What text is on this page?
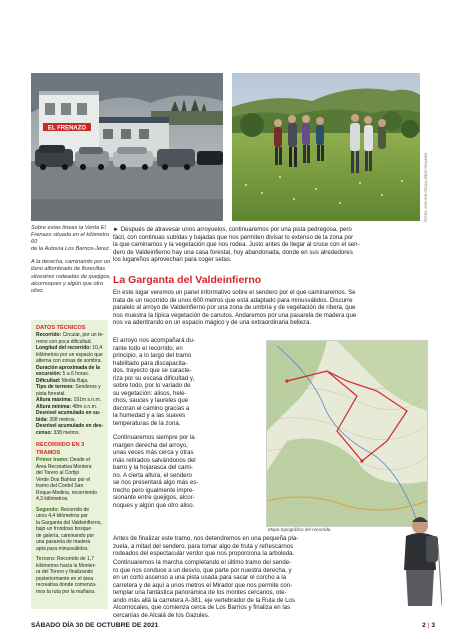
EL FRENAZO
FOTOS: ARCHIVO GRAZALEÑOS PASAMOS
Sobre estas líneas la Venta El
Frenazo situada en el kilómetro 60
de la Autovía Los Barrios-Jerez.
A la derecha, caminando por un
llano alfombrado de florecillas
silvestres rodeadas de quejigos,
alcornoques y algún que otro
olivo.
DATOS TÉCNICOS
Recorrido: Circular, por un te-
rreno con poca dificultad.
Longitud del recorrido: 10,4
kilómetros por un espacio que
alterna con zonas de sombra.
Duración aproximada de la
excursión: 5 a 6 horas.
Dificultad: Media-Baja.
Tipo de terreno: Senderos y
pista forestal.
Altura máxima: 191m s.n.m.
Altura mínima: 48m s.n.m.
Desnivel acumulado en su-
bida: 308 metros.
Desnivel acumulado en des-
censo: 338 metros.
RECORRIDO EN 3 TRAMOS
Primer tramo: Desde el
Área Recreativa Montera
del Torero al Cortijo
Verde Dos Bahías por el
tramo del Cordel San
Roque-Medina, recorriendo
4,3 kilómetros.
Segundo: Recorrido de
unos 4,4 kilómetros por
la Garganta del Valdeinfierno,
bajo un frondoso bosque
de galería, caminando por
una pasarela de madera
apta para minusválidos.
Tercero: Recorrido de 1,7
kilómetros hacia la Monter-
ra del Torero y finalizando
posteriormente en el área
recreativa donde comenza-
mos la ruta por la mañana.
► Después de atravesar unos arroyuelos, continuaremos por una pista pedregosa, pero
fácil, con continuas subidas y bajadas que nos permiten divisar lo extenso de la zona por
la que caminamos y la vegetación que nos rodea. Justo antes de llegar al cruce con el sen-
dero de Valdeinfierno hay una casa forestal, hoy abandonada, donde en sus alrededores
los lugareños aprovechan para coger setas.
La Garganta del Valdeinfierno
En este lugar veremos un panel informativo sobre el sendero por el que caminaremos. Se
trata de un recorrido de unos 600 metros que está adaptado para minusválidos. Discurre
paralelo al arroyo de Valdeinfierno por una zona de umbría y de vegetación de ribera, que
nos muestra la típica vegetación de canutos. Andaremos por una pasarela de madera que
nos va adentrando en un espacio mágico y de una extraordinaria belleza.
El arroyo nos acompañará du-
rante todo el recorrido, en
principio, a lo largo del tramo
habilitado para discapacita-
dos, trayecto que se caracte-
riza por su escasa dificultad y,
sobre todo, por lo variado de
su vegetación: alisos, hele-
chos, sauces y laureles que
decoran el camino gracias a
la humedad y a las suaves
temperaturas de la zona.
Continuaremos siempre por la
margen derecha del arroyo,
unas veces más cerca y otras
más retirados salvándonos del
barro y la hojarasca del cami-
no. A cierta altura, el sendero
se nos presentará algo más es-
trecho pero igualmente impre-
sionante entre quejigos, alcor-
noques y algún que otro aliso.
·
·
·
Mapa topográfico del recorrido.
Antes de finalizar este tramo, nos detendremos en una pequeña pla-
zuela, a mitad del sendero, para tomar algo de fruta y refrescarnos
rodeados del espectacular verdor que nos proporciona la arboleda.
Continuaremos la marcha completando el último tramo del sende-
ro que nos conduce a un desvío, que parte por nuestra derecha, y
en un corto ascenso a una pista usada para sacar el corcho a la
carretera y de aquí a unos metros el Mirador que nos permite con-
templar una fantástica panorámica de los montes cercanos, ote-
ando más allá la carretera A-381, eje vertebrador de la Ruta de Los
Alcornocales, que comienza cerca de Los Barrios y finaliza en las
cercanías de Alcalá de los Gazules.
SÁBADO DÍA 30 DE OCTUBRE DE 2021	2 | 3
